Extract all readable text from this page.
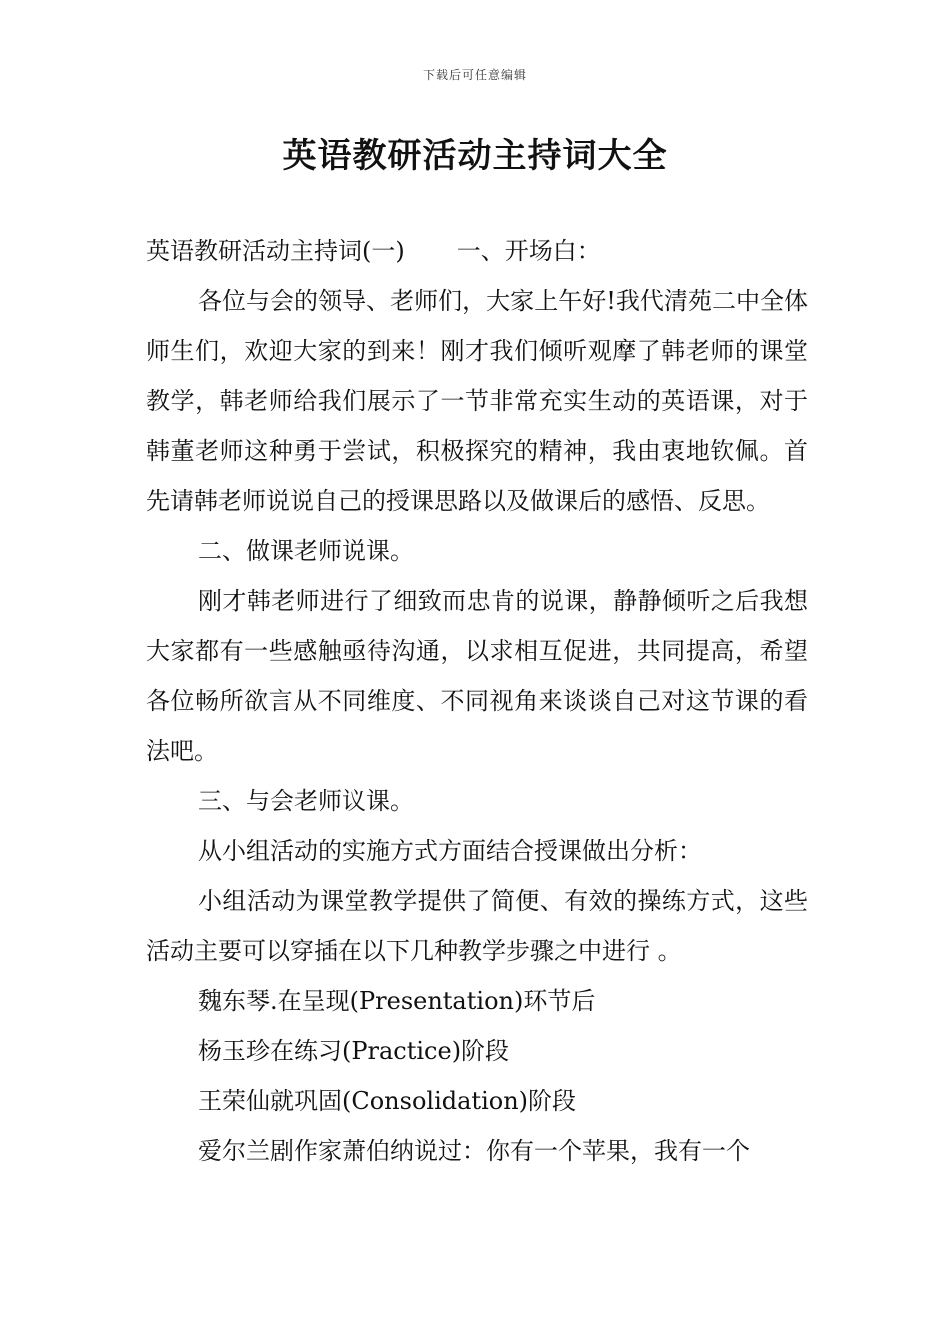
下载后可任意编辑
英语教研活动主持词大全

英语教研活动主持词(一) 一、开场白：

各位与会的领导、老师们，大家上午好!我代清苑二中全体师生们，欢迎大家的到来！刚才我们倾听观摩了韩老师的课堂教学，韩老师给我们展示了一节非常充实生动的英语课，对于韩董老师这种勇于尝试，积极探究的精神，我由衷地钦佩。首先请韩老师说说自己的授课思路以及做课后的感悟、反思。

二、做课老师说课。

刚才韩老师进行了细致而忠肯的说课，静静倾听之后我想大家都有一些感触亟待沟通，以求相互促进，共同提高，希望各位畅所欲言从不同维度、不同视角来谈谈自己对这节课的看法吧。

三、与会老师议课。

从小组活动的实施方式方面结合授课做出分析：

小组活动为课堂教学提供了简便、有效的操练方式，这些活动主要可以穿插在以下几种教学步骤之中进行 。

魏东琴.在呈现(Presentation)环节后

杨玉珍在练习(Practice)阶段

王荣仙就巩固(Consolidation)阶段

爱尔兰剧作家萧伯纳说过：你有一个苹果，我有一个
